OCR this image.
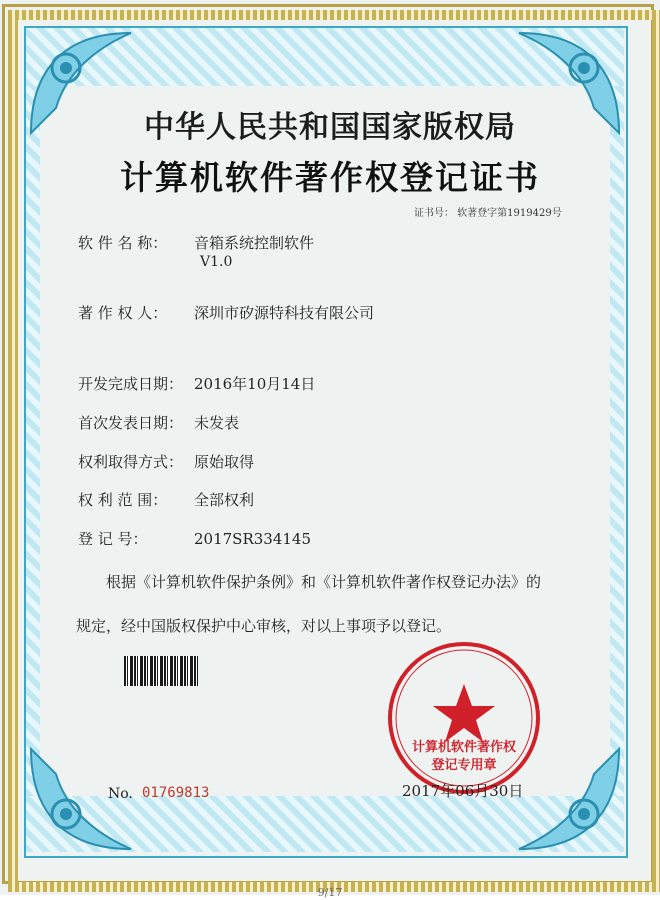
中华人民共和国国家版权局
计算机软件著作权登记证书
证书号： 软著登字第1919429号
软 件 名 称： 音箱系统控制软件
V1.0
著 作 权 人： 深圳市矽源特科技有限公司
开发完成日期： 2016年10月14日
首次发表日期： 未发表
权利取得方式： 原始取得
权 利 范 围： 全部权利
登 记 号：	2017SR334145
根据《计算机软件保护条例》和《计算机软件著作权登记办法》的
规定，经中国版权保护中心审核，对以上事项予以登记。
计算机软件著作权
登记专用章
No. 01769813	2017年06月30日
9/17
